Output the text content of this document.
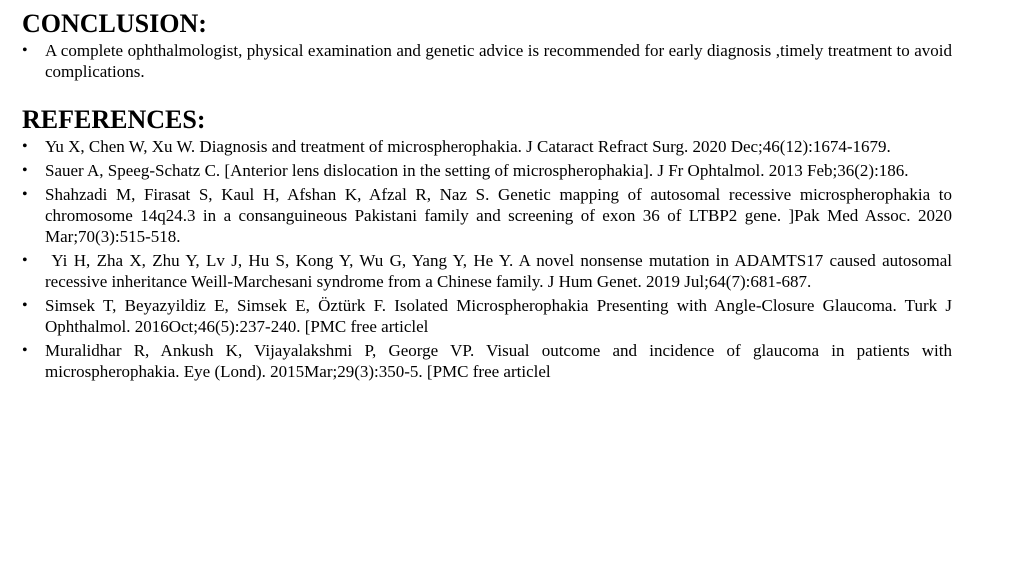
CONCLUSION:
• A complete ophthalmologist, physical examination and genetic advice is recommended for early diagnosis ,timely treatment to avoid complications.
REFERENCES:
• Yu X, Chen W, Xu W. Diagnosis and treatment of microspherophakia. J Cataract Refract Surg. 2020 Dec;46(12):1674-1679.
• Sauer A, Speeg-Schatz C. [Anterior lens dislocation in the setting of microspherophakia]. J Fr Ophtalmol. 2013 Feb;36(2):186.
• Shahzadi M, Firasat S, Kaul H, Afshan K, Afzal R, Naz S. Genetic mapping of autosomal recessive microspherophakia to chromosome 14q24.3 in a consanguineous Pakistani family and screening of exon 36 of LTBP2 gene. ]Pak Med Assoc. 2020 Mar;70(3):515-518.
• Yi H, Zha X, Zhu Y, Lv J, Hu S, Kong Y, Wu G, Yang Y, He Y. A novel nonsense mutation in ADAMTS17 caused autosomal recessive inheritance Weill-Marchesani syndrome from a Chinese family. J Hum Genet. 2019 Jul;64(7):681-687.
• Simsek T, Beyazyildiz E, Simsek E, Öztürk F. Isolated Microspherophakia Presenting with Angle-Closure Glaucoma. Turk J Ophthalmol. 2016Oct;46(5):237-240. [PMC free articlel
• Muralidhar R, Ankush K, Vijayalakshmi P, George VP. Visual outcome and incidence of glaucoma in patients with microspherophakia. Eye (Lond). 2015Mar;29(3):350-5. [PMC free articlel
